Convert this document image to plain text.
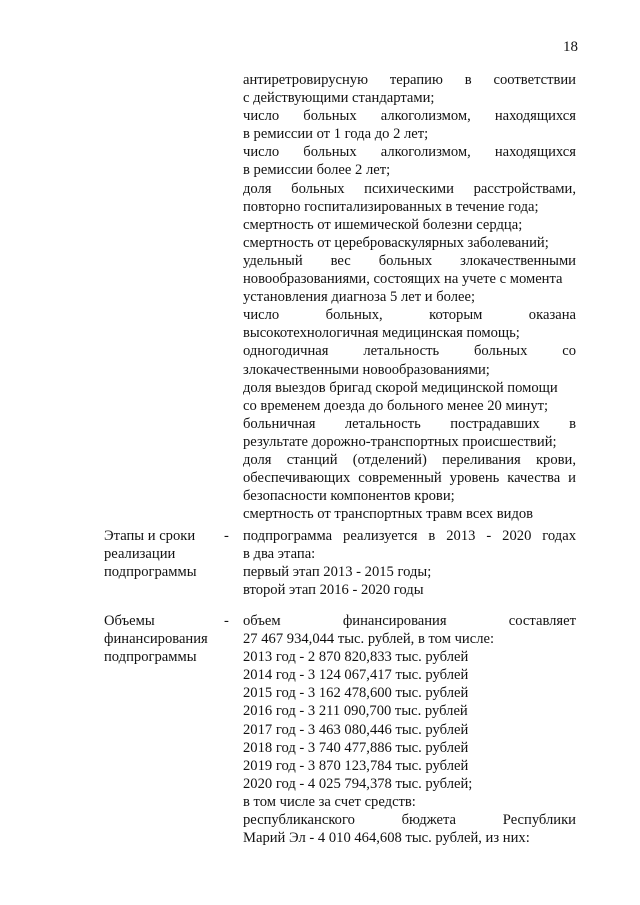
18
антиретровирусную терапию в соответствии
с действующими стандартами;
число больных алкоголизмом, находящихся
в ремиссии от 1 года до 2 лет;
число больных алкоголизмом, находящихся
в ремиссии более 2 лет;
доля больных психическими расстройствами,
повторно госпитализированных в течение года;
смертность от ишемической болезни сердца;
смертность от цереброваскулярных заболеваний;
удельный вес больных злокачественными
новообразованиями, состоящих на учете с момента
установления диагноза 5 лет и более;
число больных, которым оказана
высокотехнологичная медицинская помощь;
одногодичная летальность больных со
злокачественными новообразованиями;
доля выездов бригад скорой медицинской помощи
со временем доезда до больного менее 20 минут;
больничная летальность пострадавших в
результате дорожно-транспортных происшествий;
доля станций (отделений) переливания крови,
обеспечивающих современный уровень качества и
безопасности компонентов крови;
смертность от транспортных травм всех видов
Этапы и сроки
реализации
подпрограммы
- подпрограмма реализуется в 2013 - 2020 годах
в два этапа:
первый этап 2013 - 2015 годы;
второй этап 2016 - 2020 годы
Объемы
финансирования
подпрограммы
- объем финансирования составляет
27 467 934,044 тыс. рублей, в том числе:
2013 год - 2 870 820,833 тыс. рублей
2014 год - 3 124 067,417 тыс. рублей
2015 год - 3 162 478,600 тыс. рублей
2016 год - 3 211 090,700 тыс. рублей
2017 год - 3 463 080,446 тыс. рублей
2018 год - 3 740 477,886 тыс. рублей
2019 год - 3 870 123,784 тыс. рублей
2020 год - 4 025 794,378 тыс. рублей;
в том числе за счет средств:
республиканского бюджета Республики
Марий Эл - 4 010 464,608 тыс. рублей, из них:
